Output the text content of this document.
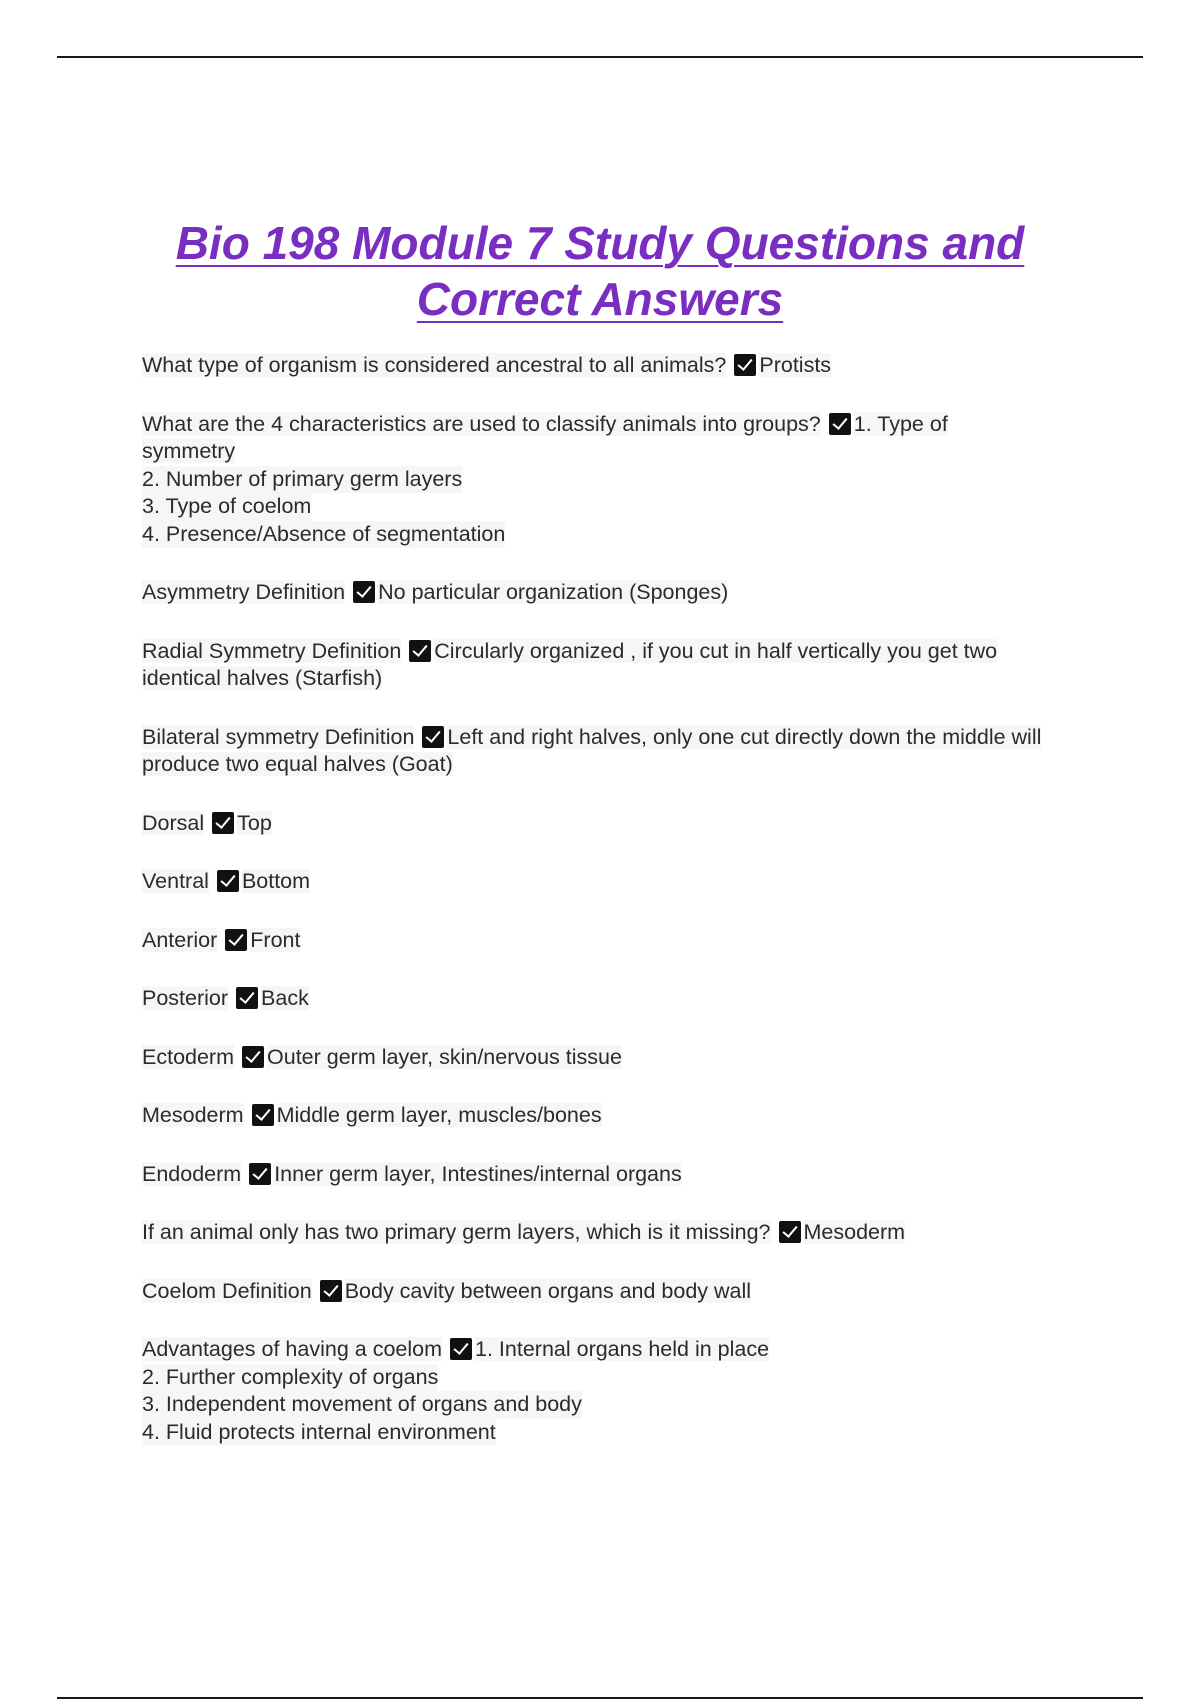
Bio 198 Module 7 Study Questions and Correct Answers
What type of organism is considered ancestral to all animals? Protists
What are the 4 characteristics are used to classify animals into groups? 1. Type of symmetry
2. Number of primary germ layers
3. Type of coelom
4. Presence/Absence of segmentation
Asymmetry Definition No particular organization (Sponges)
Radial Symmetry Definition Circularly organized , if you cut in half vertically you get two identical halves (Starfish)
Bilateral symmetry Definition Left and right halves, only one cut directly down the middle will produce two equal halves (Goat)
Dorsal Top
Ventral Bottom
Anterior Front
Posterior Back
Ectoderm Outer germ layer, skin/nervous tissue
Mesoderm Middle germ layer, muscles/bones
Endoderm Inner germ layer, Intestines/internal organs
If an animal only has two primary germ layers, which is it missing? Mesoderm
Coelom Definition Body cavity between organs and body wall
Advantages of having a coelom 1. Internal organs held in place
2. Further complexity of organs
3. Independent movement of organs and body
4. Fluid protects internal environment
